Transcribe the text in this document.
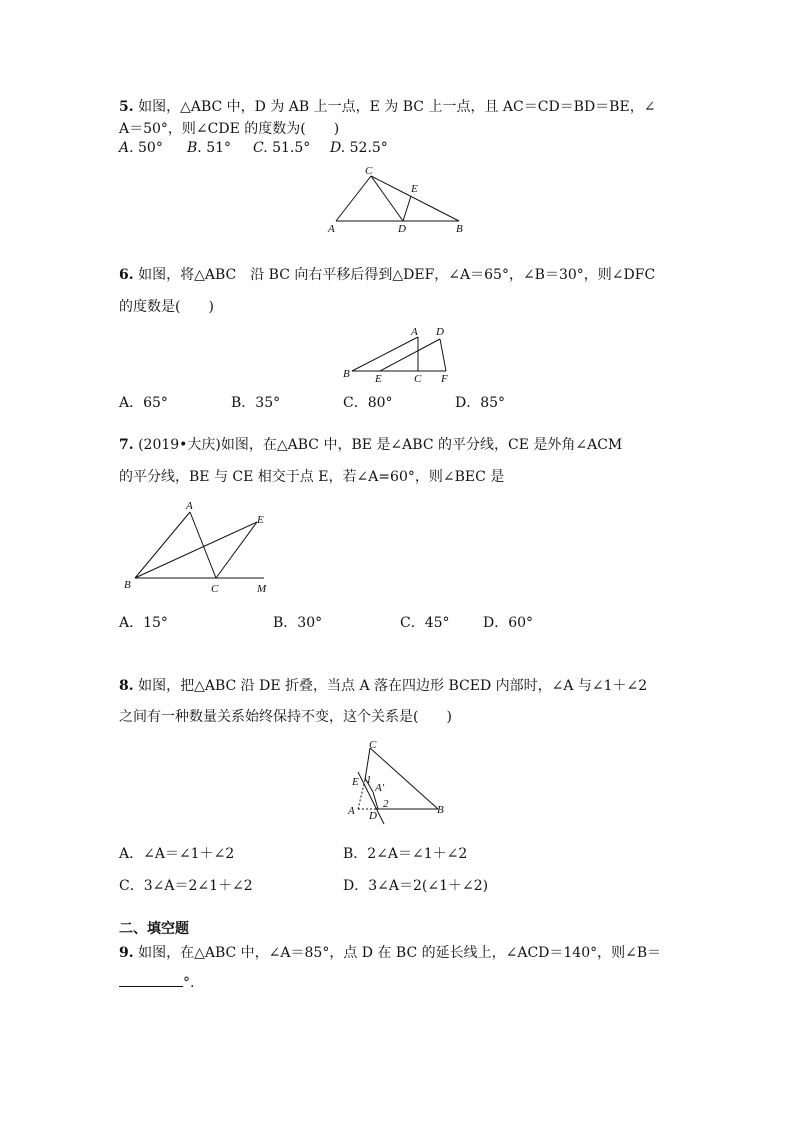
5. 如图，△ABC 中，D 为 AB 上一点，E 为 BC 上一点，且 AC＝CD＝BD＝BE，∠
A＝50°，则∠CDE 的度数为(　　)
A. 50° B. 51° C. 51.5° D. 52.5°
A	B
C
D
E
6. 如图，将△ABC　沿 BC 向右平移后得到△DEF，∠A＝65°，∠B＝30°，则∠DFC
的度数是(　　)
B
A D
E	C F
A．65°	B．35°	C．80°	D．85°
7. (2019•大庆)如图，在△ABC 中，BE 是∠ABC 的平分线，CE 是外角∠ACM
的平分线，BE 与 CE 相交于点 E，若∠A=60°，则∠BEC 是
A
B	C
E
M
A．15°	B．30°	C．45° D．60°
8. 如图，把△ABC 沿 DE 折叠，当点 A 落在四边形 BCED 内部时，∠A 与∠1＋∠2
之间有一种数量关系始终保持不变，这个关系是(　　)
C
E 1
A'
A
2	B
D
A．∠A＝∠1＋∠2	B．2∠A＝∠1＋∠2
C．3∠A＝2∠1＋∠2	D．3∠A＝2(∠1＋∠2)
二、填空题
9. 如图，在△ABC 中，∠A＝85°，点 D 在 BC 的延长线上，∠ACD＝140°，则∠B＝
°.
